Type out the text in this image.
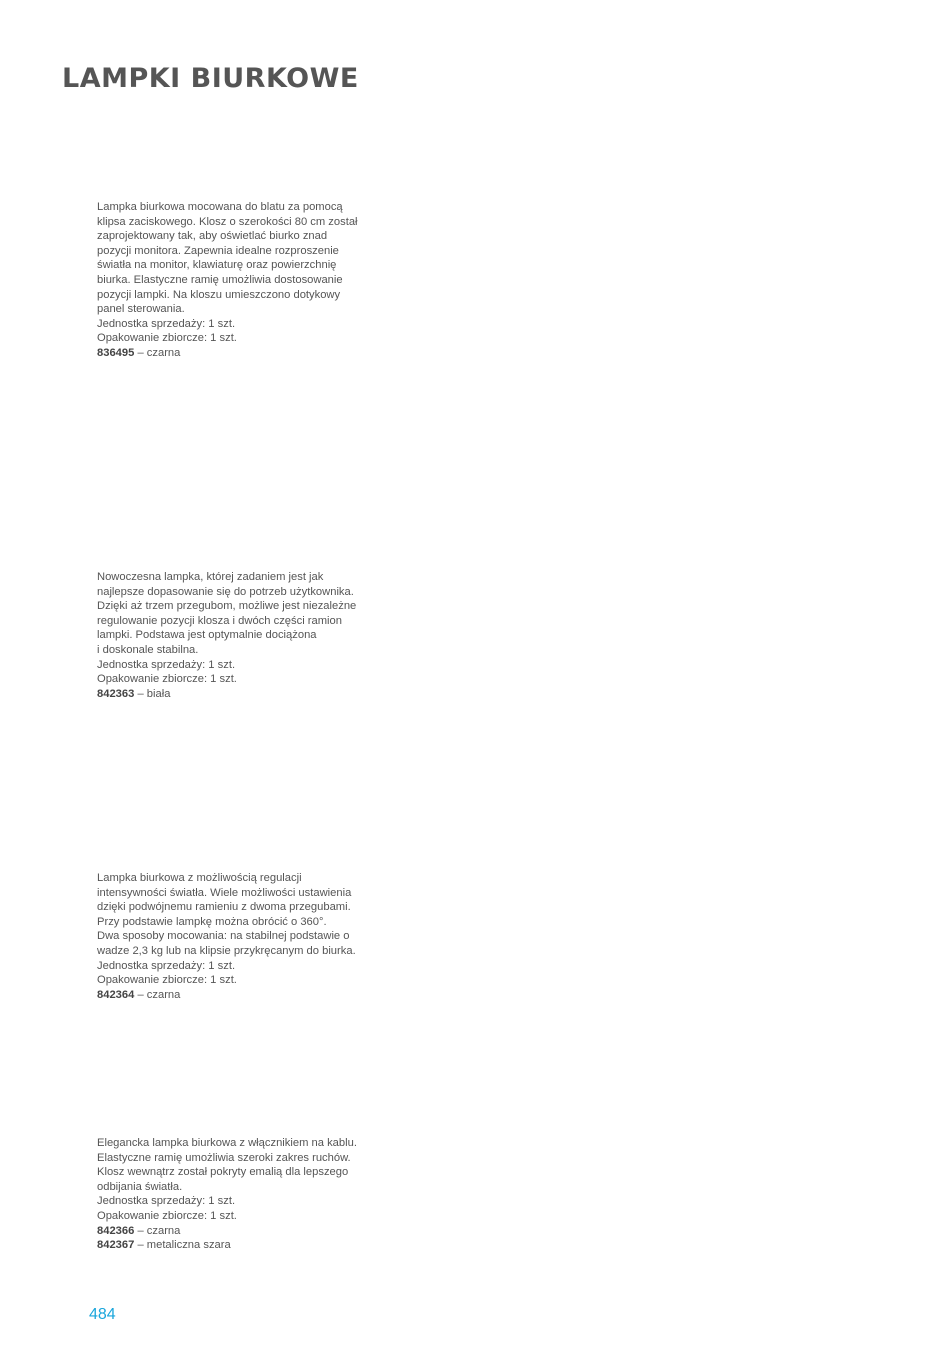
LAMPKI BIURKOWE
Lampka biurkowa mocowana do blatu za pomocą
klipsa zaciskowego. Klosz o szerokości 80 cm został
zaprojektowany tak, aby oświetlać biurko znad
pozycji monitora. Zapewnia idealne rozproszenie
światła na monitor, klawiaturę oraz powierzchnię
biurka. Elastyczne ramię umożliwia dostosowanie
pozycji lampki. Na kloszu umieszczono dotykowy
panel sterowania.
Jednostka sprzedaży: 1 szt.
Opakowanie zbiorcze: 1 szt.
836495 – czarna
Nowoczesna lampka, której zadaniem jest jak
najlepsze dopasowanie się do potrzeb użytkownika.
Dzięki aż trzem przegubom, możliwe jest niezależne
regulowanie pozycji klosza i dwóch części ramion
lampki. Podstawa jest optymalnie dociążona
i doskonale stabilna.
Jednostka sprzedaży: 1 szt.
Opakowanie zbiorcze: 1 szt.
842363 – biała
Lampka biurkowa z możliwością regulacji
intensywności światła. Wiele możliwości ustawienia
dzięki podwójnemu ramieniu z dwoma przegubami.
Przy podstawie lampkę można obrócić o 360°.
Dwa sposoby mocowania: na stabilnej podstawie o
wadze 2,3 kg lub na klipsie przykręcanym do biurka.
Jednostka sprzedaży: 1 szt.
Opakowanie zbiorcze: 1 szt.
842364 – czarna
Elegancka lampka biurkowa z włącznikiem na kablu.
Elastyczne ramię umożliwia szeroki zakres ruchów.
Klosz wewnątrz został pokryty emalią dla lepszego
odbijania światła.
Jednostka sprzedaży: 1 szt.
Opakowanie zbiorcze: 1 szt.
842366 – czarna
842367 – metaliczna szara
484
